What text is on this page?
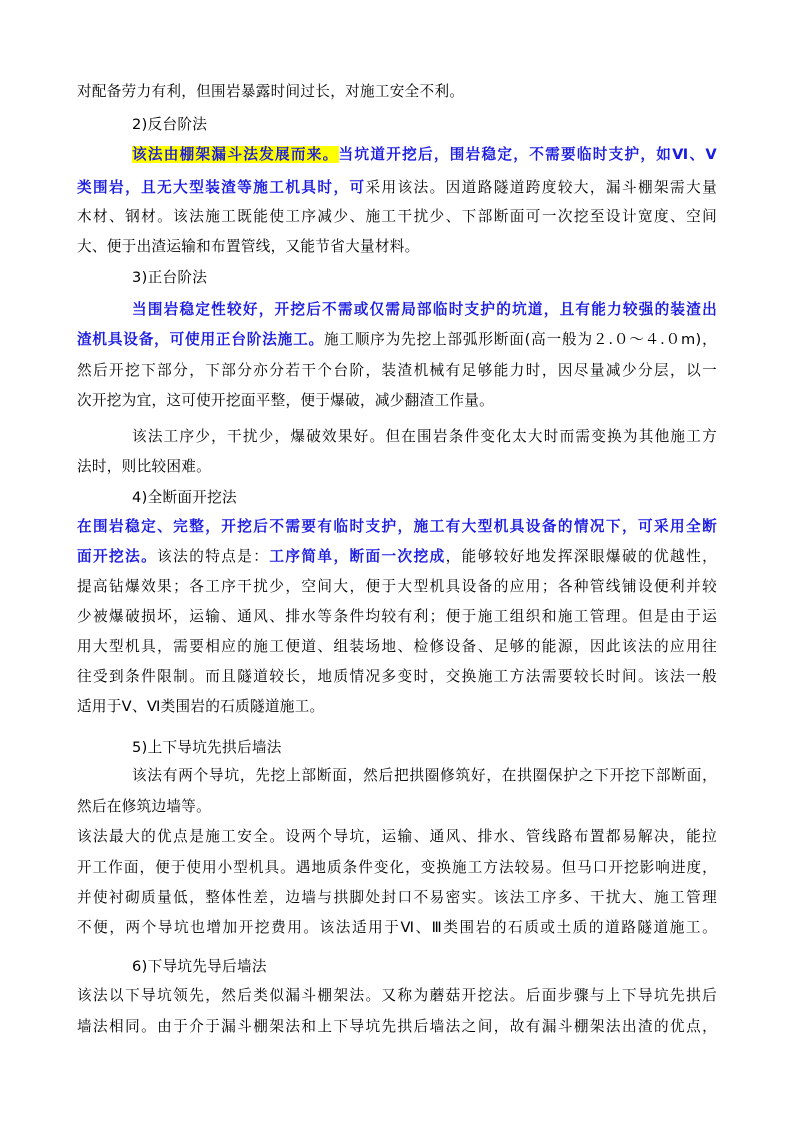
对配备劳力有利，但围岩暴露时间过长，对施工安全不利。
2)反台阶法
该法由棚架漏斗法发展而来。当坑道开挖后，围岩稳定，不需要临时支护，如Ⅵ、Ⅴ
类围岩，且无大型装渣等施工机具时，可采用该法。因道路隧道跨度较大，漏斗棚架需大量
木材、钢材。该法施工既能使工序减少、施工干扰少、下部断面可一次挖至设计宽度、空间
大、便于出渣运输和布置管线，又能节省大量材料。
3)正台阶法
当围岩稳定性较好，开挖后不需或仅需局部临时支护的坑道，且有能力较强的装渣出
渣机具设备，可使用正台阶法施工。施工顺序为先挖上部弧形断面(高一般为２.０～４.０m)，
然后开挖下部分，下部分亦分若干个台阶，装渣机械有足够能力时，因尽量减少分层，以一
次开挖为宜，这可使开挖面平整，便于爆破，减少翻渣工作量。
该法工序少，干扰少，爆破效果好。但在围岩条件变化太大时而需变换为其他施工方
法时，则比较困难。
4)全断面开挖法
在围岩稳定、完整，开挖后不需要有临时支护，施工有大型机具设备的情况下，可采用全断
面开挖法。该法的特点是：工序简单，断面一次挖成，能够较好地发挥深眼爆破的优越性，
提高钻爆效果；各工序干扰少，空间大，便于大型机具设备的应用；各种管线铺设便利并较
少被爆破损坏，运输、通风、排水等条件均较有利；便于施工组织和施工管理。但是由于运
用大型机具，需要相应的施工便道、组装场地、检修设备、足够的能源，因此该法的应用往
往受到条件限制。而且隧道较长，地质情况多变时，交换施工方法需要较长时间。该法一般
适用于Ⅴ、Ⅵ类围岩的石质隧道施工。
5)上下导坑先拱后墙法
该法有两个导坑，先挖上部断面，然后把拱圈修筑好，在拱圈保护之下开挖下部断面，
然后在修筑边墙等。
该法最大的优点是施工安全。设两个导坑，运输、通风、排水、管线路布置都易解决，能拉
开工作面，便于使用小型机具。遇地质条件变化，变换施工方法较易。但马口开挖影响进度，
并使衬砌质量低，整体性差，边墙与拱脚处封口不易密实。该法工序多、干扰大、施工管理
不便，两个导坑也增加开挖费用。该法适用于Ⅵ、Ⅲ类围岩的石质或土质的道路隧道施工。
6)下导坑先导后墙法
该法以下导坑领先，然后类似漏斗棚架法。又称为蘑菇开挖法。后面步骤与上下导坑先拱后
墙法相同。由于介于漏斗棚架法和上下导坑先拱后墙法之间，故有漏斗棚架法出渣的优点，
